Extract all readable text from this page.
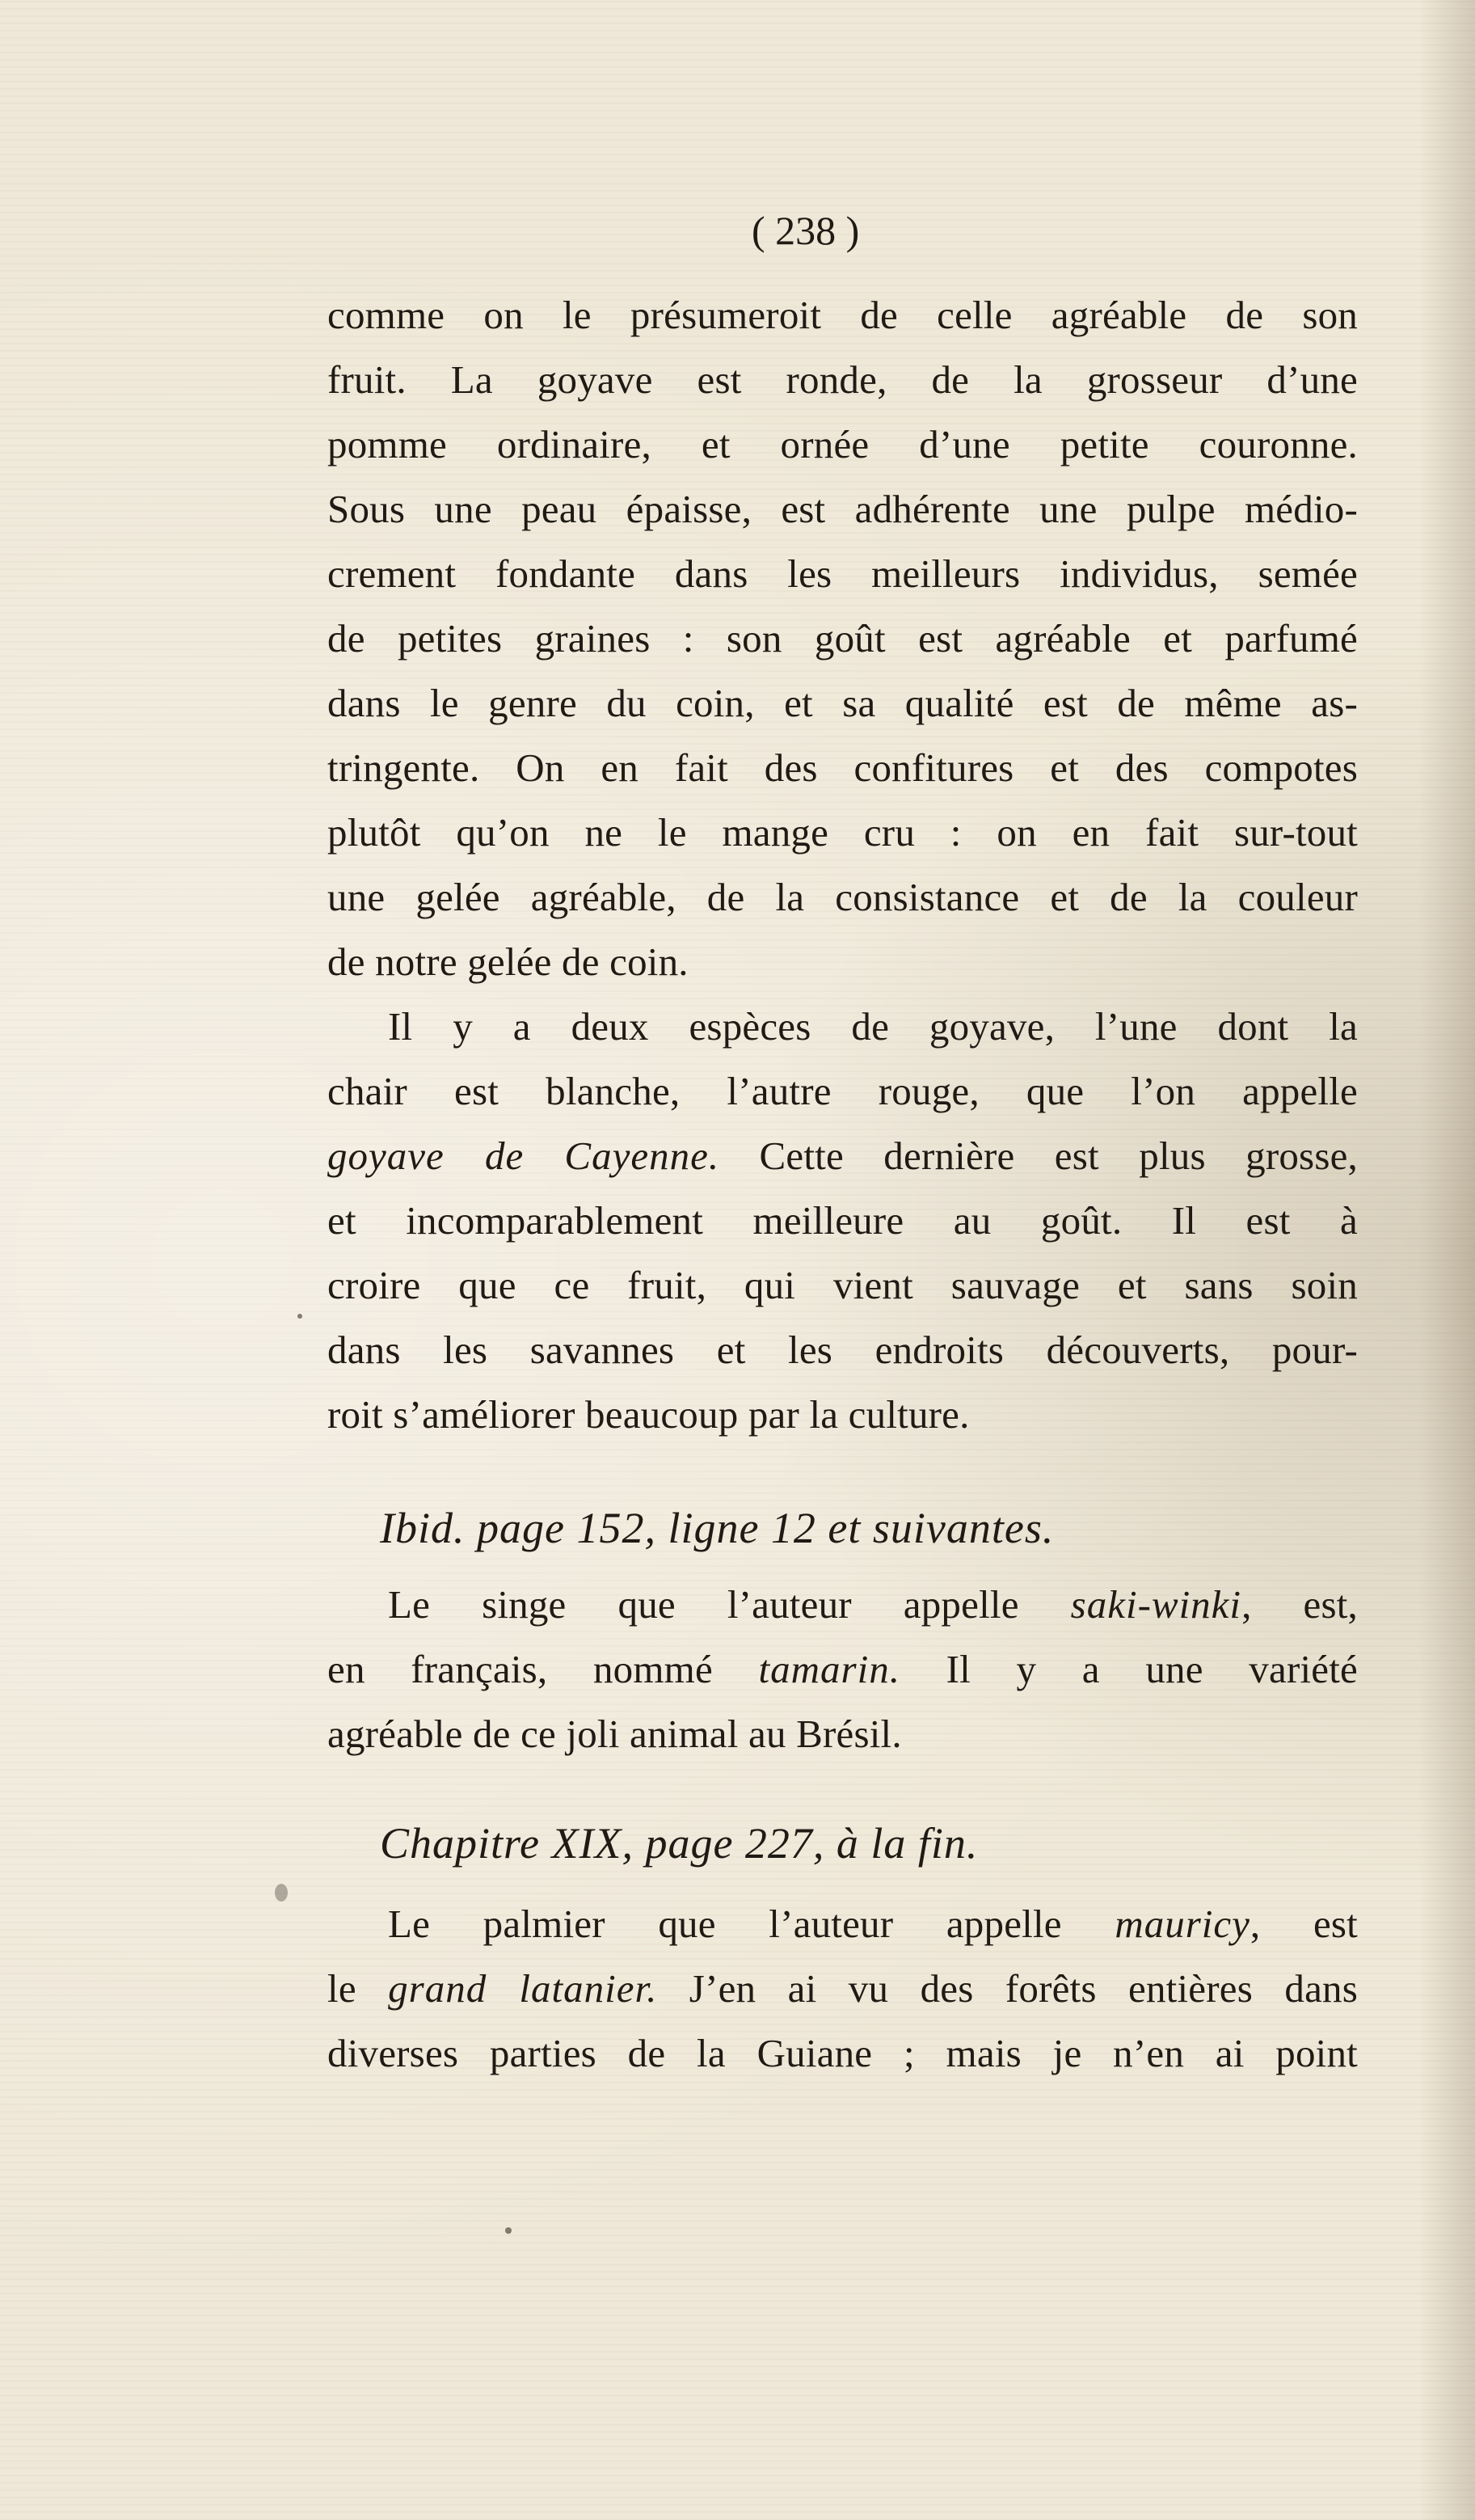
( 238 )
comme on le présumeroit de celle agréable de son
fruit. La goyave est ronde, de la grosseur d’une
pomme ordinaire, et ornée d’une petite couronne.
Sous une peau épaisse, est adhérente une pulpe médio-
crement fondante dans les meilleurs individus, semée
de petites graines : son goût est agréable et parfumé
dans le genre du coin, et sa qualité est de même as-
tringente. On en fait des confitures et des compotes
plutôt qu’on ne le mange cru : on en fait sur-tout
une gelée agréable, de la consistance et de la couleur
de notre gelée de coin.
Il y a deux espèces de goyave, l’une dont la
chair est blanche, l’autre rouge, que l’on appelle
goyave de Cayenne. Cette dernière est plus grosse,
et incomparablement meilleure au goût. Il est à
croire que ce fruit, qui vient sauvage et sans soin
dans les savannes et les endroits découverts, pour-
roit s’améliorer beaucoup par la culture.
Ibid. page 152, ligne 12 et suivantes.
Le singe que l’auteur appelle saki-winki, est,
en français, nommé tamarin. Il y a une variété
agréable de ce joli animal au Brésil.
Chapitre XIX, page 227, à la fin.
Le palmier que l’auteur appelle mauricy, est
le grand latanier. J’en ai vu des forêts entières dans
diverses parties de la Guiane ; mais je n’en ai point
